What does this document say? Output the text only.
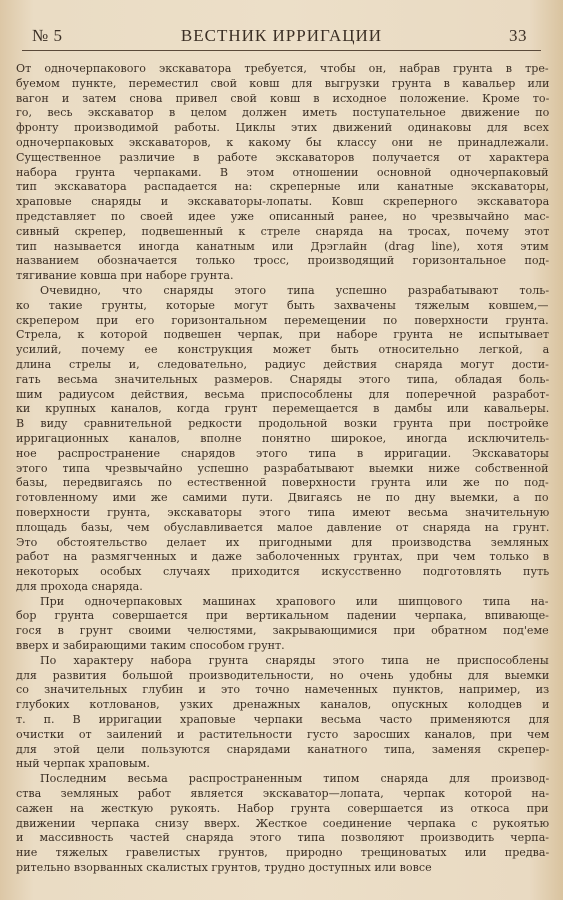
№ 5	ВЕСТНИК ИРРИГАЦИИ	33

От одночерпакового экскаватора требуется, чтобы он, набрав грунта в тре-
буемом пункте, переместил свой ковш для выгрузки грунта в кавальер или
вагон и затем снова привел свой ковш в исходное положение. Кроме то-
го, весь экскаватор в целом должен иметь поступательное движение по
фронту производимой работы. Циклы этих движений одинаковы для всех
одночерпаковых экскаваторов, к какому бы классу они не принадлежали.
Существенное различие в работе экскаваторов получается от характера
набора грунта черпаками. В этом отношении основной одночерпаковый
тип экскаватора распадается на: скреперные или канатные экскаваторы,
храповые снаряды и экскаваторы-лопаты. Ковш скреперного экскаватора
представляет по своей идее уже описанный ранее, но чрезвычайно мас-
сивный скрепер, подвешенный к стреле снаряда на тросах, почему этот
тип называется иногда канатным или Дрэглайн (drag line), хотя этим
названием обозначается только тросс, производящий горизонтальное под-
тягивание ковша при наборе грунта.

Очевидно, что снаряды этого типа успешно разрабатывают толь-
ко такие грунты, которые могут быть захвачены тяжелым ковшем,—
скрепером при его горизонтальном перемещении по поверхности грунта.
Стрела, к которой подвешен черпак, при наборе грунта не испытывает
усилий, почему ее конструкция может быть относительно легкой, а
длина стрелы и, следовательно, радиус действия снаряда могут дости-
гать весьма значительных размеров. Снаряды этого типа, обладая боль-
шим радиусом действия, весьма приспособлены для поперечной разработ-
ки крупных каналов, когда грунт перемещается в дамбы или кавальеры.
В виду сравнительной редкости продольной возки грунта при постройке
ирригационных каналов, вполне понятно широкое, иногда исключитель-
ное распространение снарядов этого типа в ирригации. Экскаваторы
этого типа чрезвычайно успешно разрабатывают выемки ниже собственной
базы, передвигаясь по естественной поверхности грунта или же по под-
готовленному ими же самими пути. Двигаясь не по дну выемки, а по
поверхности грунта, экскаваторы этого типа имеют весьма значительную
площадь базы, чем обуславливается малое давление от снаряда на грунт.
Это обстоятельство делает их пригодными для производства земляных
работ на размягченных и даже заболоченных грунтах, при чем только в
некоторых особых случаях приходится искусственно подготовлять путь
для прохода снаряда.

При одночерпаковых машинах храпового или шипцового типа на-
бор грунта совершается при вертикальном падении черпака, впивающе-
гося в грунт своими челюстями, закрывающимися при обратном под'еме
вверх и забирающими таким способом грунт.

По характеру набора грунта снаряды этого типа не приспособлены
для развития большой производительности, но очень удобны для выемки
со значительных глубин и это точно намеченных пунктов, например, из
глубоких котлованов, узких дренажных каналов, опускных колодцев и
т. п. В ирригации храповые черпаки весьма часто применяются для
очистки от заилений и растительности густо заросших каналов, при чем
для этой цели пользуются снарядами канатного типа, заменяя скрепер-
ный черпак храповым.

Последним весьма распространенным типом снаряда для производ-
ства земляных работ является экскаватор—лопата, черпак которой на-
сажен на жесткую рукоять. Набор грунта совершается из откоса при
движении черпака снизу вверх. Жесткое соединение черпака с рукоятью
и массивность частей снаряда этого типа позволяют производить черпа-
ние тяжелых гравелистых грунтов, природно трещиноватых или предва-
рительно взорванных скалистых грунтов, трудно доступных или вовсе
